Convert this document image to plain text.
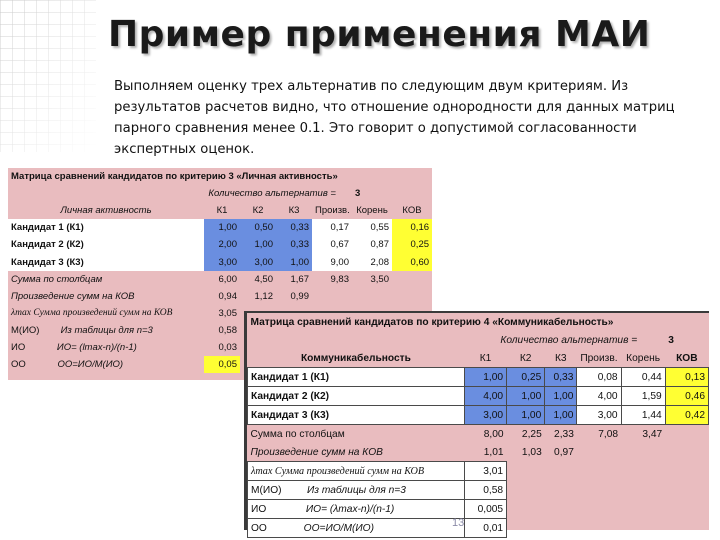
Пример применения МАИ

Выполняем оценку трех альтернатив по следующим двум критериям. Из

результатов расчетов видно, что отношение однородности для данных матриц

парного сравнения менее 0.1. Это говорит о допустимой согласованности

экспертных оценок.

Матрица сравнений кандидатов по критерию 3 «Личная активность»						
Количество альтернатив =					3	
Личная активность	К1	К2	К3	Произв.	Корень	КОВ
Кандидат 1 (К1)	1,00	0,50	0,33	0,17	0,55	0,16
Кандидат 2 (К2)	2,00	1,00	0,33	0,67	0,87	0,25
Кандидат 3 (К3)	3,00	3,00	1,00	9,00	2,08	0,60
Сумма по столбцам	6,00	4,50	1,67	9,83	3,50	
Произведение сумм на КОВ	0,94	1,12	0,99			
λmax Сумма произведений сумм на КОВ	3,05					
М(ИО) Из таблицы для n=3	0,58					
ИО ИО= (lmax-n)/(n-1)	0,03					
ОО ОО=ИО/М(ИО)	0,05					
Матрица сравнений кандидатов по критерию 4 «Коммуникабельность»						
Количество альтернатив =						3
Коммуникабельность	К1	К2	К3	Произв.	Корень	КОВ
Кандидат 1 (К1)	1,00	0,25	0,33	0,08	0,44	0,13
Кандидат 2 (К2)	4,00	1,00	1,00	4,00	1,59	0,46
Кандидат 3 (К3)	3,00	1,00	1,00	3,00	1,44	0,42
Сумма по столбцам	8,00	2,25	2,33	7,08	3,47	
Произведение сумм на КОВ	1,01	1,03	0,97			
λmax Сумма произведений сумм на КОВ	3,01					
М(ИО) Из таблицы для n=3	0,58					
ИО ИО= (λmax-n)/(n-1)	0,005					
ОО ОО=ИО/М(ИО)	0,01					
13
